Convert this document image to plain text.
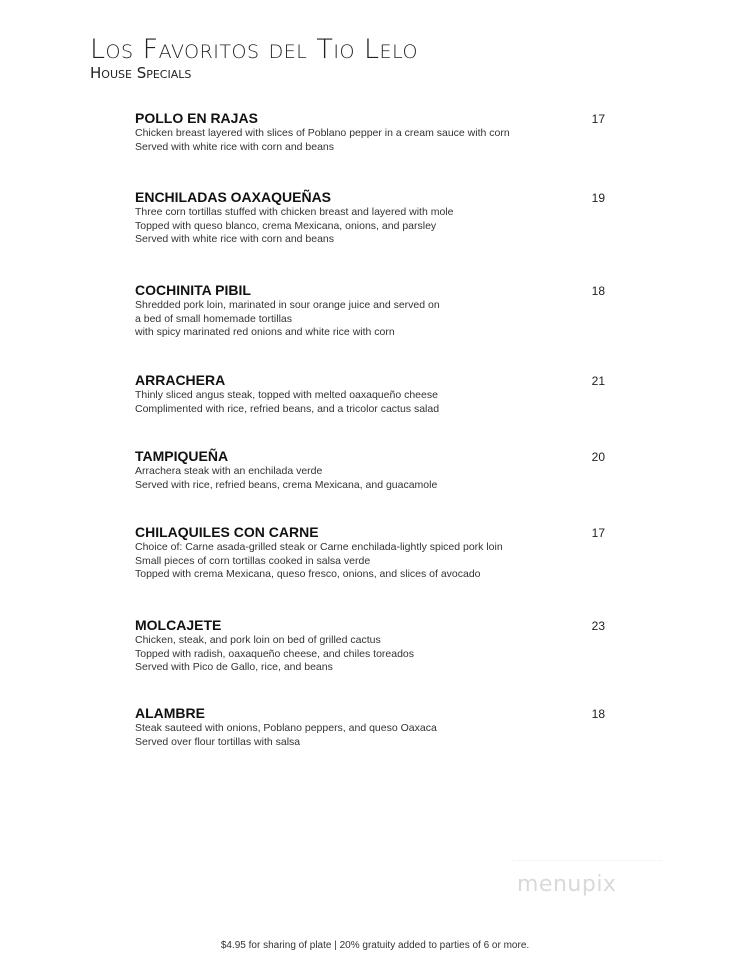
Los Favoritos del Tio Lelo
House Specials
POLLO EN RAJAS	17
Chicken breast layered with slices of Poblano pepper in a cream sauce with corn
Served with white rice with corn and beans
ENCHILADAS OAXAQUEÑAS	19
Three corn tortillas stuffed with chicken breast and layered with mole
Topped with queso blanco, crema Mexicana, onions, and parsley
Served with white rice with corn and beans
COCHINITA PIBIL	18
Shredded pork loin, marinated in sour orange juice and served on
a bed of small homemade tortillas
with spicy marinated red onions and white rice with corn
ARRACHERA	21
Thinly sliced angus steak, topped with melted oaxaqueño cheese
Complimented with rice, refried beans, and a tricolor cactus salad
TAMPIQUEÑA	20
Arrachera steak with an enchilada verde
Served with rice, refried beans, crema Mexicana, and guacamole
CHILAQUILES CON CARNE	17
Choice of: Carne asada-grilled steak or Carne enchilada-lightly spiced pork loin
Small pieces of corn tortillas cooked in salsa verde
Topped with crema Mexicana, queso fresco, onions, and slices of avocado
MOLCAJETE	23
Chicken, steak, and pork loin on bed of grilled cactus
Topped with radish, oaxaqueño cheese, and chiles toreados
Served with Pico de Gallo, rice, and beans
ALAMBRE	18
Steak sauteed with onions, Poblano peppers, and queso Oaxaca
Served over flour tortillas with salsa
menupix
$4.95 for sharing of plate | 20% gratuity added to parties of 6 or more.
